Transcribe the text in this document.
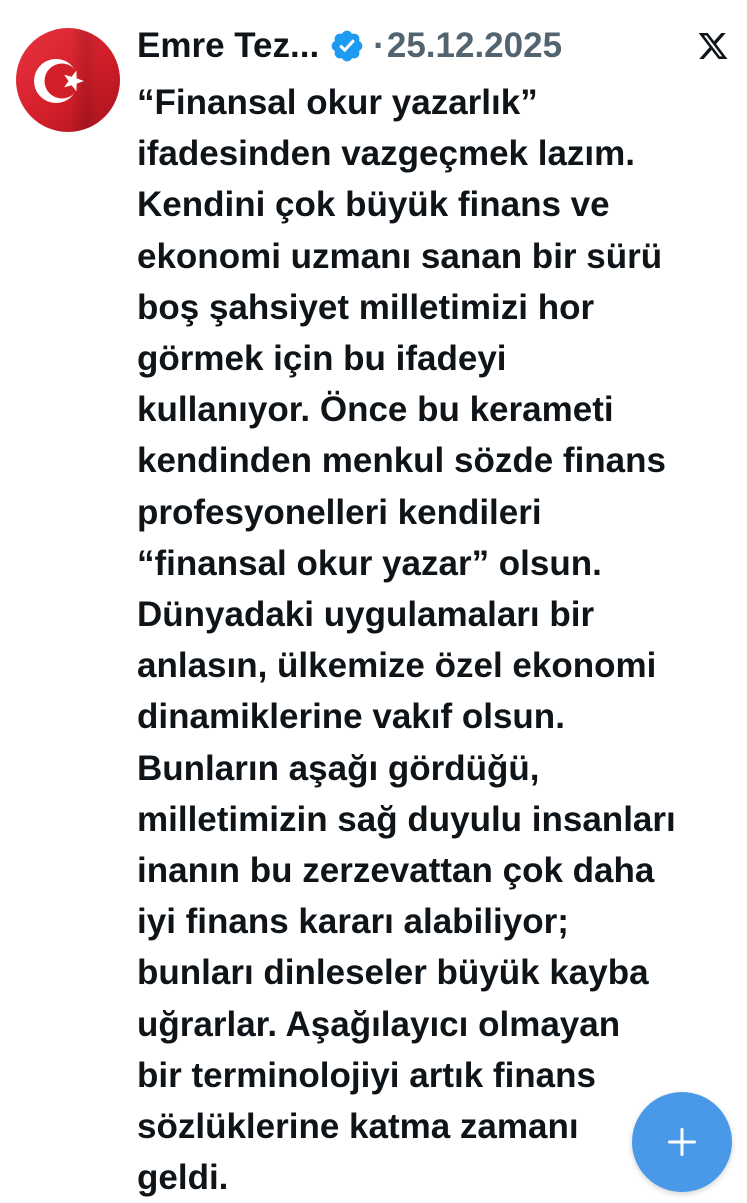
Emre Tez... · 25.12.2025
“Finansal okur yazarlık”
ifadesinden vazgeçmek lazım.
Kendini çok büyük finans ve
ekonomi uzmanı sanan bir sürü
boş şahsiyet milletimizi hor
görmek için bu ifadeyi
kullanıyor. Önce bu kerameti
kendinden menkul sözde finans
profesyonelleri kendileri
“finansal okur yazar” olsun.
Dünyadaki uygulamaları bir
anlasın, ülkemize özel ekonomi
dinamiklerine vakıf olsun.
Bunların aşağı gördüğü,
milletimizin sağ duyulu insanları
inanın bu zerzevattan çok daha
iyi finans kararı alabiliyor;
bunları dinleseler büyük kayba
uğrarlar. Aşağılayıcı olmayan
bir terminolojiyi artık finans
sözlüklerine katma zamanı
geldi.
